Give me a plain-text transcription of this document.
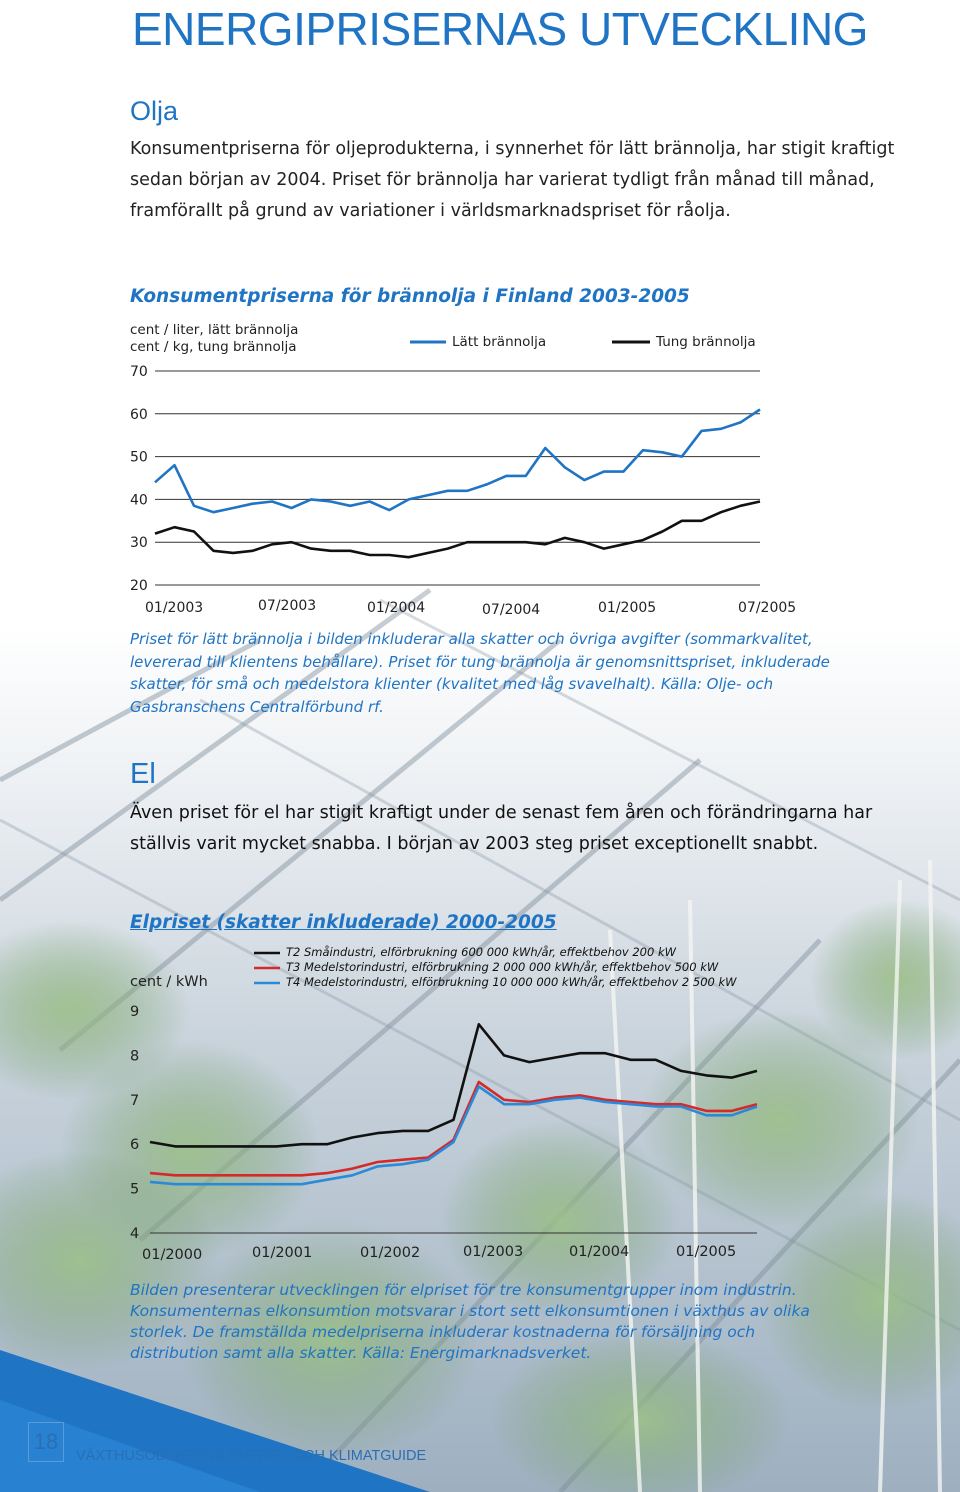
ENERGIPRISERNAS UTVECKLING
Olja
Konsumentpriserna för oljeprodukterna, i synnerhet för lätt brännolja, har stigit kraftigt sedan början av 2004. Priset för brännolja har varierat tydligt från månad till månad, framförallt på grund av variationer i världsmarknadspriset för råolja.
Konsumentpriserna för brännolja i Finland 2003-2005
cent / liter, lätt brännolja
cent / kg, tung brännolja	Lätt brännolja	Tung brännolja
70
60
50
40
30
20
01/2003	07/2003	01/2004	07/2004	01/2005	07/2005
Priset för lätt brännolja i bilden inkluderar alla skatter och övriga avgifter (sommarkvalitet, levererad till klientens behållare). Priset för tung brännolja är genomsnittspriset, inkluderade skatter, för små och medelstora klienter (kvalitet med låg svavelhalt). Källa: Olje- och Gasbranschens Centralförbund rf.
El
Även priset för el har stigit kraftigt under de senast fem åren och förändringarna har ställvis varit mycket snabba. I början av 2003 steg priset exceptionellt snabbt.
Elpriset (skatter inkluderade) 2000-2005
cent / kWh
T2 Småindustri, elförbrukning 600 000 kWh/år, effektbehov 200 kW
T3 Medelstorindustri, elförbrukning 2 000 000 kWh/år, effektbehov 500 kW
T4 Medelstorindustri, elförbrukning 10 000 000 kWh/år, effektbehov 2 500 kW
9
8
7
6
5
4
01/2000	01/2001	01/2002	01/2003	01/2004	01/2005
Bilden presenterar utvecklingen för elpriset för tre konsumentgrupper inom industrin. Konsumenternas elkonsumtion motsvarar i stort sett elkonsumtionen i växthus av olika storlek. De framställda medelpriserna inkluderar kostnaderna för försäljning och distribution samt alla skatter. Källa: Energimarknadsverket.
18
VÄXTHUSODLARENS ENERGI- OCH KLIMATGUIDE
